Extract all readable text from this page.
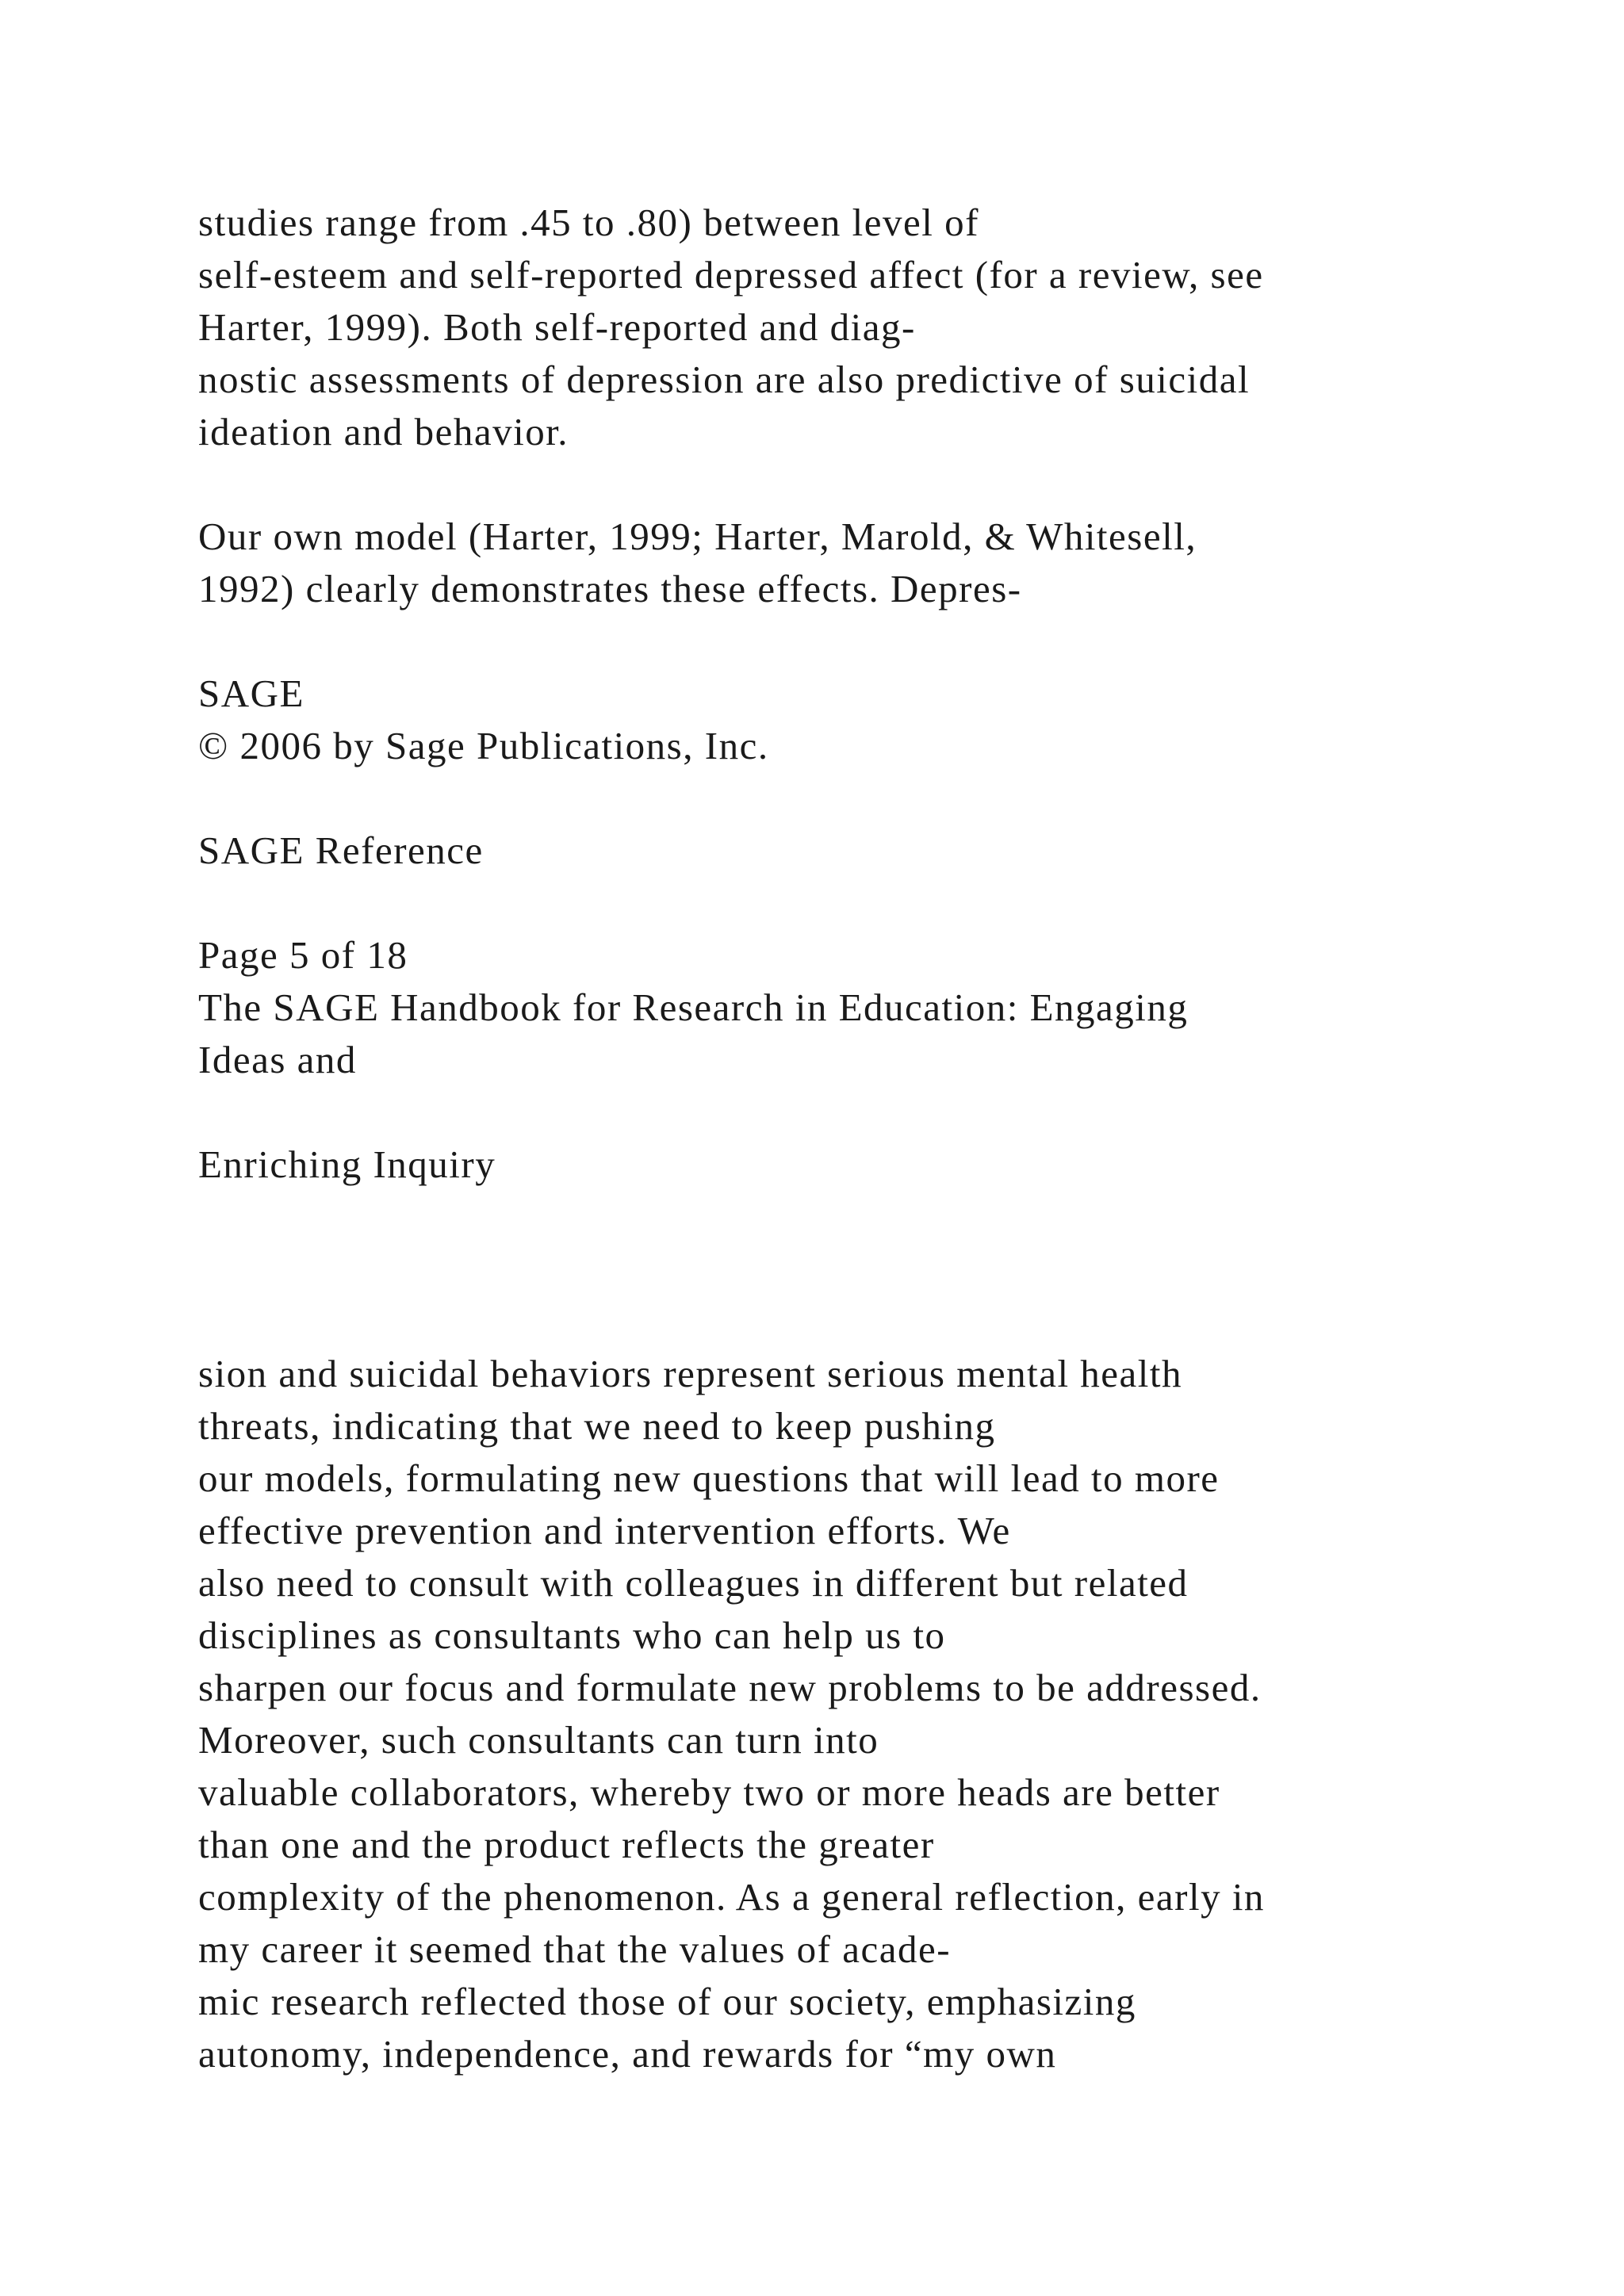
studies range from .45 to .80) between level of
self-esteem and self-reported depressed affect (for a review, see
Harter, 1999). Both self-reported and diag-
nostic assessments of depression are also predictive of suicidal
ideation and behavior.
Our own model (Harter, 1999; Harter, Marold, & Whitesell,
1992) clearly demonstrates these effects. Depres-
SAGE
© 2006 by Sage Publications, Inc.
SAGE Reference
Page 5 of 18
The SAGE Handbook for Research in Education: Engaging
Ideas and
Enriching Inquiry
sion and suicidal behaviors represent serious mental health
threats, indicating that we need to keep pushing
our models, formulating new questions that will lead to more
effective prevention and intervention efforts. We
also need to consult with colleagues in different but related
disciplines as consultants who can help us to
sharpen our focus and formulate new problems to be addressed.
Moreover, such consultants can turn into
valuable collaborators, whereby two or more heads are better
than one and the product reflects the greater
complexity of the phenomenon. As a general reflection, early in
my career it seemed that the values of acade-
mic research reflected those of our society, emphasizing
autonomy, independence, and rewards for “my own
